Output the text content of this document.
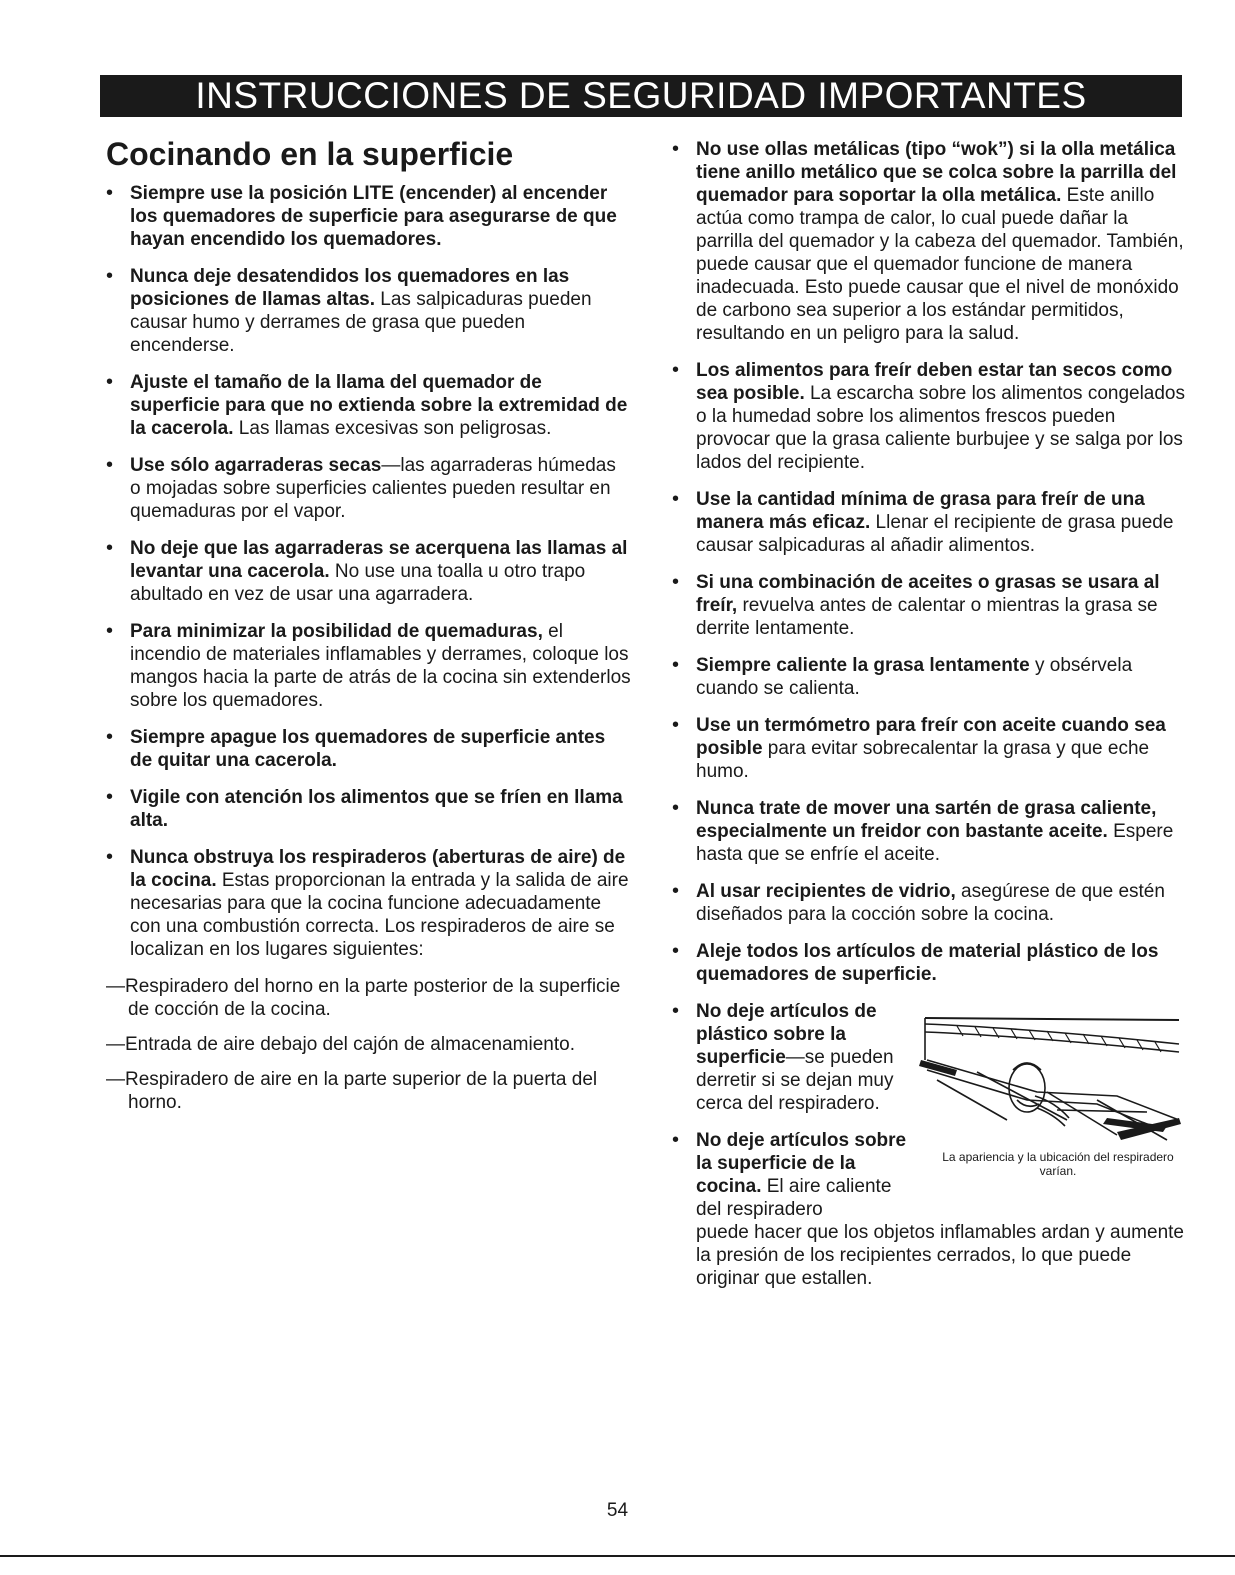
INSTRUCCIONES DE SEGURIDAD IMPORTANTES
Cocinando en la superficie
• Siempre use la posición LITE (encender) al encender los quemadores de superficie para asegurarse de que hayan encendido los quemadores.
• Nunca deje desatendidos los quemadores en las posiciones de llamas altas. Las salpicaduras pueden causar humo y derrames de grasa que pueden encenderse.
• Ajuste el tamaño de la llama del quemador de superficie para que no extienda sobre la extremidad de la cacerola. Las llamas excesivas son peligrosas.
• Use sólo agarraderas secas—las agarraderas húmedas o mojadas sobre superficies calientes pueden resultar en quemaduras por el vapor.
• No deje que las agarraderas se acerquena las llamas al levantar una cacerola. No use una toalla u otro trapo abultado en vez de usar una agarradera.
• Para minimizar la posibilidad de quemaduras, el incendio de materiales inflamables y derrames, coloque los mangos hacia la parte de atrás de la cocina sin extenderlos sobre los quemadores.
• Siempre apague los quemadores de superficie antes de quitar una cacerola.
• Vigile con atención los alimentos que se fríen en llama alta.
• Nunca obstruya los respiraderos (aberturas de aire) de la cocina. Estas proporcionan la entrada y la salida de aire necesarias para que la cocina funcione adecuadamente con una combustión correcta. Los respiraderos de aire se localizan en los lugares siguientes:

—Respiradero del horno en la parte posterior de la superficie de cocción de la cocina.

—Entrada de aire debajo del cajón de almacenamiento.

—Respiradero de aire en la parte superior de la puerta del horno.

• No use ollas metálicas (tipo “wok”) si la olla metálica tiene anillo metálico que se colca sobre la parrilla del quemador para soportar la olla metálica. Este anillo actúa como trampa de calor, lo cual puede dañar la parrilla del quemador y la cabeza del quemador. También, puede causar que el quemador funcione de manera inadecuada. Esto puede causar que el nivel de monóxido de carbono sea superior a los estándar permitidos, resultando en un peligro para la salud.
• Los alimentos para freír deben estar tan secos como sea posible. La escarcha sobre los alimentos congelados o la humedad sobre los alimentos frescos pueden provocar que la grasa caliente burbujee y se salga por los lados del recipiente.
• Use la cantidad mínima de grasa para freír de una manera más eficaz. Llenar el recipiente de grasa puede causar salpicaduras al añadir alimentos.
• Si una combinación de aceites o grasas se usara al freír, revuelva antes de calentar o mientras la grasa se derrite lentamente.
• Siempre caliente la grasa lentamente y obsérvela cuando se calienta.
• Use un termómetro para freír con aceite cuando sea posible para evitar sobrecalentar la grasa y que eche humo.
• Nunca trate de mover una sartén de grasa caliente, especialmente un freidor con bastante aceite. Espere hasta que se enfríe el aceite.
• Al usar recipientes de vidrio, asegúrese de que estén diseñados para la cocción sobre la cocina.
• Aleje todos los artículos de material plástico de los quemadores de superficie.
La apariencia y la ubicación del respiradero varían.
• No deje artículos de plástico sobre la superficie—se pueden derretir si se dejan muy cerca del respiradero.
• No deje artículos sobre la superficie de la cocina. El aire caliente del respiradero

puede hacer que los objetos inflamables ardan y aumente la presión de los recipientes cerrados, lo que puede originar que estallen.

54
